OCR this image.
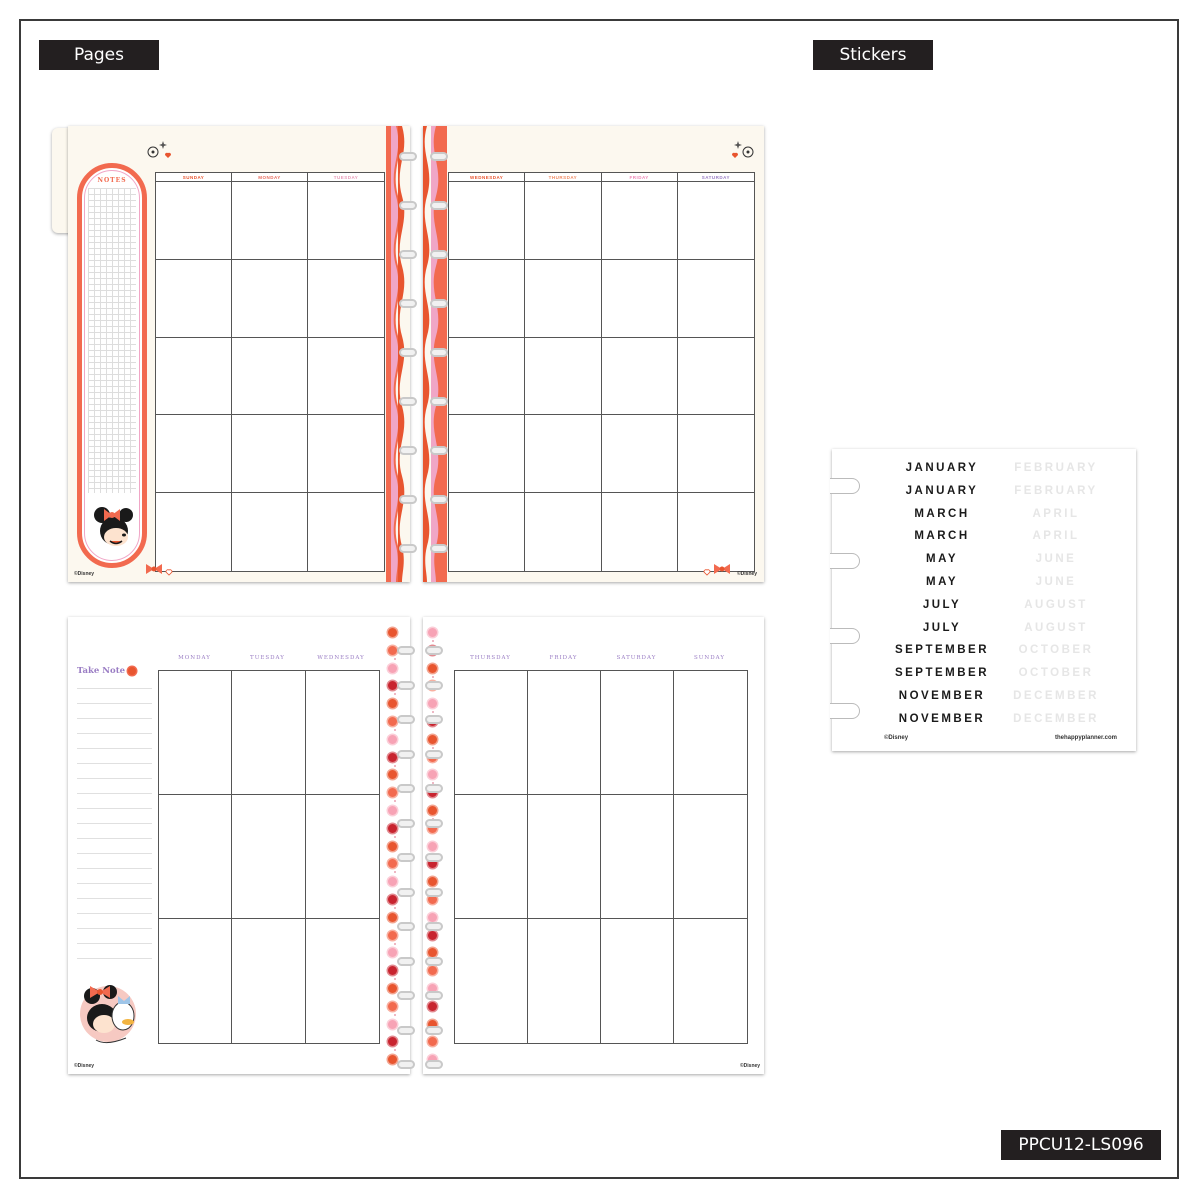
Pages	Stickers
PPCU12-LS096
NOTES	SUNDAY	MONDAY	TUESDAY
©Disney
WEDNESDAY	THURSDAY	FRIDAY	SATURDAY
©Disney
Take Note
MONDAY	TUESDAY	WEDNESDAY
©Disney
THURSDAY	FRIDAY	SATURDAY	SUNDAY
©Disney
JANUARY	FEBRUARY
JANUARY	FEBRUARY
MARCH	APRIL
MARCH	APRIL
MAY	JUNE
MAY	JUNE
JULY	AUGUST
JULY	AUGUST
SEPTEMBER	OCTOBER
SEPTEMBER	OCTOBER
NOVEMBER	DECEMBER
NOVEMBER	DECEMBER
©Disney	thehappyplanner.com
